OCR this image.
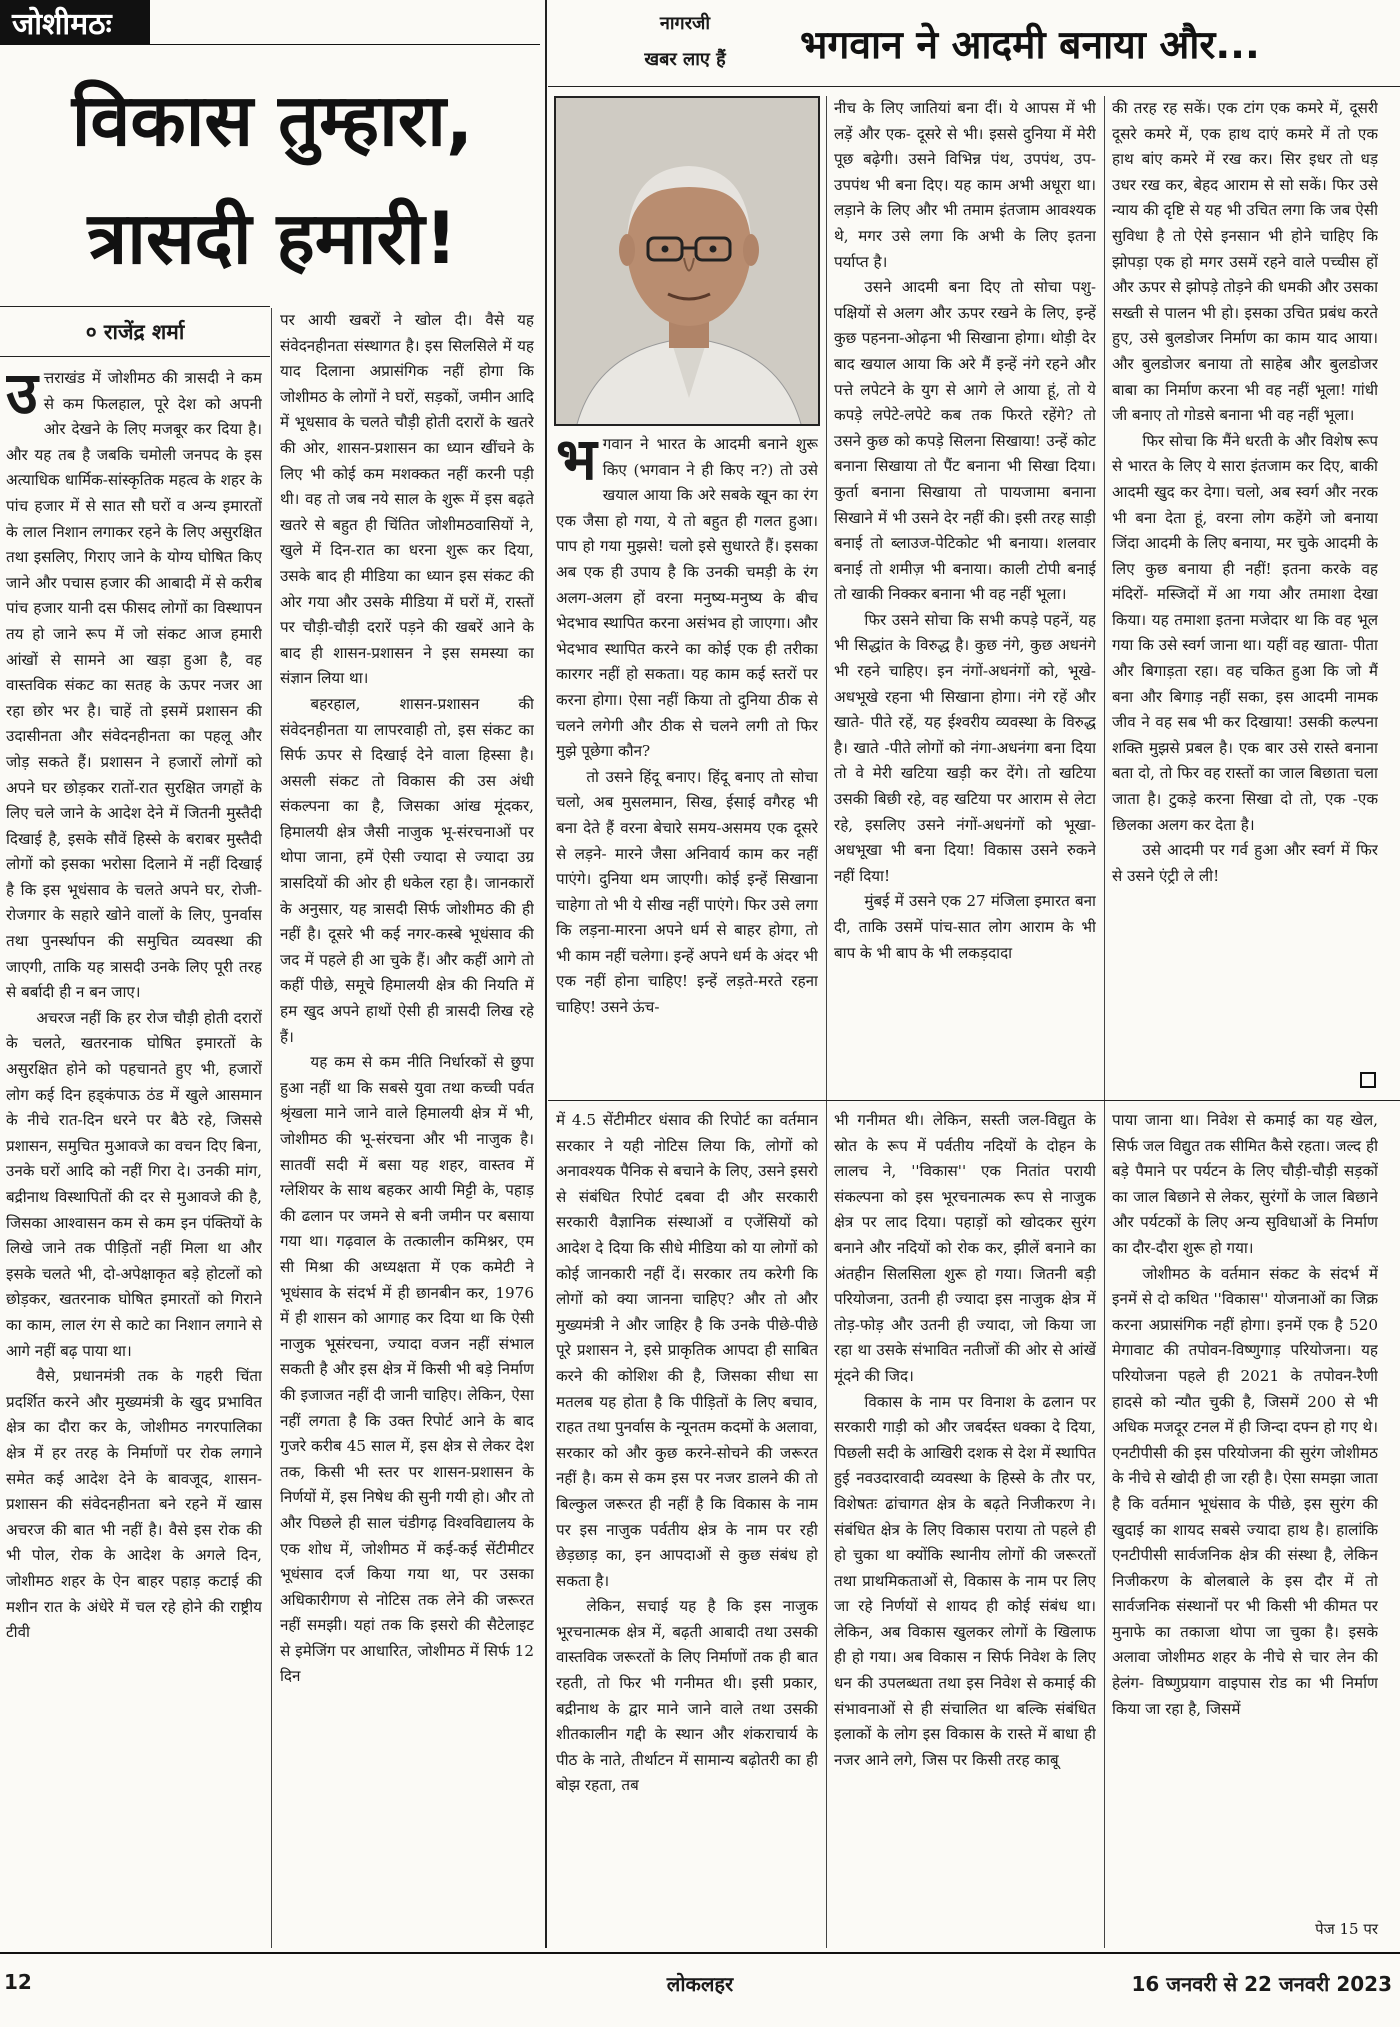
जोशीमठः
विकास तुम्हारा,
त्रासदी हमारी!
० राजेंद्र शर्मा
उ त्तराखंड में जोशीमठ की त्रासदी ने कम से कम फिलहाल, पूरे देश को अपनी ओर देखने के लिए मजबूर कर दिया है। और यह तब है जबकि चमोली जनपद के इस अत्याधिक धार्मिक-सांस्कृतिक महत्व के शहर के पांच हजार में से सात सौ घरों व अन्य इमारतों के लाल निशान लगाकर रहने के लिए असुरक्षित तथा इसलिए, गिराए जाने के योग्य घोषित किए जाने और पचास हजार की आबादी में से करीब पांच हजार यानी दस फीसद लोगों का विस्थापन तय हो जाने रूप में जो संकट आज हमारी आंखों से सामने आ खड़ा हुआ है, वह वास्तविक संकट का सतह के ऊपर नजर आ रहा छोर भर है। चाहें तो इसमें प्रशासन की उदासीनता और संवेदनहीनता का पहलू और जोड़ सकते हैं। प्रशासन ने हजारों लोगों को अपने घर छोड़कर रातों-रात सुरक्षित जगहों के लिए चले जाने के आदेश देने में जितनी मुस्तैदी दिखाई है, इसके सौवें हिस्से के बराबर मुस्तैदी लोगों को इसका भरोसा दिलाने में नहीं दिखाई है कि इस भूधंसाव के चलते अपने घर, रोजी-रोजगार के सहारे खोने वालों के लिए, पुनर्वास तथा पुनर्स्थापन की समुचित व्यवस्था की जाएगी, ताकि यह त्रासदी उनके लिए पूरी तरह से बर्बादी ही न बन जाए।

अचरज नहीं कि हर रोज चौड़ी होती दरारों के चलते, खतरनाक घोषित इमारतों के असुरक्षित होने को पहचानते हुए भी, हजारों लोग कई दिन हड्कंपाऊ ठंड में खुले आसमान के नीचे रात-दिन धरने पर बैठे रहे, जिससे प्रशासन, समुचित मुआवजे का वचन दिए बिना, उनके घरों आदि को नहीं गिरा दे। उनकी मांग, बद्रीनाथ विस्थापितों की दर से मुआवजे की है, जिसका आश्वासन कम से कम इन पंक्तियों के लिखे जाने तक पीड़ितों नहीं मिला था और इसके चलते भी, दो-अपेक्षाकृत बड़े होटलों को छोड़कर, खतरनाक घोषित इमारतों को गिराने का काम, लाल रंग से काटे का निशान लगाने से आगे नहीं बढ़ पाया था।

वैसे, प्रधानमंत्री तक के गहरी चिंता प्रदर्शित करने और मुख्यमंत्री के खुद प्रभावित क्षेत्र का दौरा कर के, जोशीमठ नगरपालिका क्षेत्र में हर तरह के निर्माणों पर रोक लगाने समेत कई आदेश देने के बावजूद, शासन-प्रशासन की संवेदनहीनता बने रहने में खास अचरज की बात भी नहीं है। वैसे इस रोक की भी पोल, रोक के आदेश के अगले दिन, जोशीमठ शहर के ऐन बाहर पहाड़ कटाई की मशीन रात के अंधेरे में चल रहे होने की राष्ट्रीय टीवी

पर आयी खबरों ने खोल दी। वैसे यह संवेदनहीनता संस्थागत है। इस सिलसिले में यह याद दिलाना अप्रासंगिक नहीं होगा कि जोशीमठ के लोगों ने घरों, सड़कों, जमीन आदि में भूधसाव के चलते चौड़ी होती दरारों के खतरे की ओर, शासन-प्रशासन का ध्यान खींचने के लिए भी कोई कम मशक्कत नहीं करनी पड़ी थी। वह तो जब नये साल के शुरू में इस बढ़ते खतरे से बहुत ही चिंतित जोशीमठवासियों ने, खुले में दिन-रात का धरना शुरू कर दिया, उसके बाद ही मीडिया का ध्यान इस संकट की ओर गया और उसके मीडिया में घरों में, रास्तों पर चौड़ी-चौड़ी दरारें पड़ने की खबरें आने के बाद ही शासन-प्रशासन ने इस समस्या का संज्ञान लिया था।

बहरहाल, शासन-प्रशासन की संवेदनहीनता या लापरवाही तो, इस संकट का सिर्फ ऊपर से दिखाई देने वाला हिस्सा है। असली संकट तो विकास की उस अंधी संकल्पना का है, जिसका आंख मूंदकर, हिमालयी क्षेत्र जैसी नाजुक भू-संरचनाओं पर थोपा जाना, हमें ऐसी ज्यादा से ज्यादा उग्र त्रासदियों की ओर ही धकेल रहा है। जानकारों के अनुसार, यह त्रासदी सिर्फ जोशीमठ की ही नहीं है। दूसरे भी कई नगर-कस्बे भूधंसाव की जद में पहले ही आ चुके हैं। और कहीं आगे तो कहीं पीछे, समूचे हिमालयी क्षेत्र की नियति में हम खुद अपने हाथों ऐसी ही त्रासदी लिख रहे हैं।

यह कम से कम नीति निर्धारकों से छुपा हुआ नहीं था कि सबसे युवा तथा कच्ची पर्वत श्रृंखला माने जाने वाले हिमालयी क्षेत्र में भी, जोशीमठ की भू-संरचना और भी नाजुक है। सातवीं सदी में बसा यह शहर, वास्तव में ग्लेशियर के साथ बहकर आयी मिट्टी के, पहाड़ की ढलान पर जमने से बनी जमीन पर बसाया गया था। गढ़वाल के तत्कालीन कमिश्नर, एम सी मिश्रा की अध्यक्षता में एक कमेटी ने भूधंसाव के संदर्भ में ही छानबीन कर, 1976 में ही शासन को आगाह कर दिया था कि ऐसी नाजुक भूसंरचना, ज्यादा वजन नहीं संभाल सकती है और इस क्षेत्र में किसी भी बड़े निर्माण की इजाजत नहीं दी जानी चाहिए। लेकिन, ऐसा नहीं लगता है कि उक्त रिपोर्ट आने के बाद गुजरे करीब 45 साल में, इस क्षेत्र से लेकर देश तक, किसी भी स्तर पर शासन-प्रशासन के निर्णयों में, इस निषेध की सुनी गयी हो। और तो और पिछले ही साल चंडीगढ़ विश्वविद्यालय के एक शोध में, जोशीमठ में कई-कई सेंटीमीटर भूधंसाव दर्ज किया गया था, पर उसका अधिकारीगण से नोटिस तक लेने की जरूरत नहीं समझी। यहां तक कि इसरो की सैटेलाइट से इमेजिंग पर आधारित, जोशीमठ में सिर्फ 12 दिन

नागरजी
खबर लाए हैं	भगवान ने आदमी बनाया और...
भ गवान ने भारत के आदमी बनाने शुरू किए (भगवान ने ही किए न?) तो उसे खयाल आया कि अरे सबके खून का रंग एक जैसा हो गया, ये तो बहुत ही गलत हुआ। पाप हो गया मुझसे! चलो इसे सुधारते हैं। इसका अब एक ही उपाय है कि उनकी चमड़ी के रंग अलग-अलग हों वरना मनुष्य-मनुष्य के बीच भेदभाव स्थापित करना असंभव हो जाएगा। और भेदभाव स्थापित करने का कोई एक ही तरीका कारगर नहीं हो सकता। यह काम कई स्तरों पर करना होगा। ऐसा नहीं किया तो दुनिया ठीक से चलने लगेगी और ठीक से चलने लगी तो फिर मुझे पूछेगा कौन?

तो उसने हिंदू बनाए। हिंदू बनाए तो सोचा चलो, अब मुसलमान, सिख, ईसाई वगैरह भी बना देते हैं वरना बेचारे समय-असमय एक दूसरे से लड़ने- मारने जैसा अनिवार्य काम कर नहीं पाएंगे। दुनिया थम जाएगी। कोई इन्हें सिखाना चाहेगा तो भी ये सीख नहीं पाएंगे। फिर उसे लगा कि लड़ना-मारना अपने धर्म से बाहर होगा, तो भी काम नहीं चलेगा। इन्हें अपने धर्म के अंदर भी एक नहीं होना चाहिए! इन्हें लड़ते-मरते रहना चाहिए! उसने ऊंच-

नीच के लिए जातियां बना दीं। ये आपस में भी लड़ें और एक- दूसरे से भी। इससे दुनिया में मेरी पूछ बढ़ेगी। उसने विभिन्न पंथ, उपपंथ, उप-उपपंथ भी बना दिए। यह काम अभी अधूरा था। लड़ाने के लिए और भी तमाम इंतजाम आवश्यक थे, मगर उसे लगा कि अभी के लिए इतना पर्याप्त है।

उसने आदमी बना दिए तो सोचा पशु-पक्षियों से अलग और ऊपर रखने के लिए, इन्हें कुछ पहनना-ओढ़ना भी सिखाना होगा। थोड़ी देर बाद खयाल आया कि अरे मैं इन्हें नंगे रहने और पत्ते लपेटने के युग से आगे ले आया हूं, तो ये कपड़े लपेटे-लपेटे कब तक फिरते रहेंगे? तो उसने कुछ को कपड़े सिलना सिखाया! उन्हें कोट बनाना सिखाया तो पैंट बनाना भी सिखा दिया। कुर्ता बनाना सिखाया तो पायजामा बनाना सिखाने में भी उसने देर नहीं की। इसी तरह साड़ी बनाई तो ब्लाउज-पेटिकोट भी बनाया। शलवार बनाई तो शमीज़ भी बनाया। काली टोपी बनाई तो खाकी निक्कर बनाना भी वह नहीं भूला।

फिर उसने सोचा कि सभी कपड़े पहनें, यह भी सिद्धांत के विरुद्ध है। कुछ नंगे, कुछ अधनंगे भी रहने चाहिए। इन नंगों-अधनंगों को, भूखे-अधभूखे रहना भी सिखाना होगा। नंगे रहें और खाते- पीते रहें, यह ईश्वरीय व्यवस्था के विरुद्ध है। खाते -पीते लोगों को नंगा-अधनंगा बना दिया तो वे मेरी खटिया खड़ी कर देंगे। तो खटिया उसकी बिछी रहे, वह खटिया पर आराम से लेटा रहे, इसलिए उसने नंगों-अधनंगों को भूखा-अधभूखा भी बना दिया! विकास उसने रुकने नहीं दिया!

मुंबई में उसने एक 27 मंजिला इमारत बना दी, ताकि उसमें पांच-सात लोग आराम के भी बाप के भी बाप के भी लकड़दादा

की तरह रह सकें। एक टांग एक कमरे में, दूसरी दूसरे कमरे में, एक हाथ दाएं कमरे में तो एक हाथ बांए कमरे में रख कर। सिर इधर तो धड़ उधर रख कर, बेहद आराम से सो सकें। फिर उसे न्याय की दृष्टि से यह भी उचित लगा कि जब ऐसी सुविधा है तो ऐसे इनसान भी होने चाहिए कि झोपड़ा एक हो मगर उसमें रहने वाले पच्चीस हों और ऊपर से झोपड़े तोड़ने की धमकी और उसका सख्ती से पालन भी हो। इसका उचित प्रबंध करते हुए, उसे बुलडोजर निर्माण का काम याद आया। और बुलडोजर बनाया तो साहेब और बुलडोजर बाबा का निर्माण करना भी वह नहीं भूला! गांधी जी बनाए तो गोडसे बनाना भी वह नहीं भूला।

फिर सोचा कि मैंने धरती के और विशेष रूप से भारत के लिए ये सारा इंतजाम कर दिए, बाकी आदमी खुद कर देगा। चलो, अब स्वर्ग और नरक भी बना देता हूं, वरना लोग कहेंगे जो बनाया जिंदा आदमी के लिए बनाया, मर चुके आदमी के लिए कुछ बनाया ही नहीं! इतना करके वह मंदिरों- मस्जिदों में आ गया और तमाशा देखा किया। यह तमाशा इतना मजेदार था कि वह भूल गया कि उसे स्वर्ग जाना था। यहीं वह खाता- पीता और बिगाड़ता रहा। वह चकित हुआ कि जो मैं बना और बिगाड़ नहीं सका, इस आदमी नामक जीव ने वह सब भी कर दिखाया! उसकी कल्पना शक्ति मुझसे प्रबल है। एक बार उसे रास्ते बनाना बता दो, तो फिर वह रास्तों का जाल बिछाता चला जाता है। टुकड़े करना सिखा दो तो, एक -एक छिलका अलग कर देता है।

उसे आदमी पर गर्व हुआ और स्वर्ग में फिर से उसने एंट्री ले ली!

में 4.5 सेंटीमीटर धंसाव की रिपोर्ट का वर्तमान सरकार ने यही नोटिस लिया कि, लोगों को अनावश्यक पैनिक से बचाने के लिए, उसने इसरो से संबंधित रिपोर्ट दबवा दी और सरकारी सरकारी वैज्ञानिक संस्थाओं व एजेंसियों को आदेश दे दिया कि सीधे मीडिया को या लोगों को कोई जानकारी नहीं दें। सरकार तय करेगी कि लोगों को क्या जानना चाहिए? और तो और मुख्यमंत्री ने और जाहिर है कि उनके पीछे-पीछे पूरे प्रशासन ने, इसे प्राकृतिक आपदा ही साबित करने की कोशिश की है, जिसका सीधा सा मतलब यह होता है कि पीड़ितों के लिए बचाव, राहत तथा पुनर्वास के न्यूनतम कदमों के अलावा, सरकार को और कुछ करने-सोचने की जरूरत नहीं है। कम से कम इस पर नजर डालने की तो बिल्कुल जरूरत ही नहीं है कि विकास के नाम पर इस नाजुक पर्वतीय क्षेत्र के नाम पर रही छेड़छाड़ का, इन आपदाओं से कुछ संबंध हो सकता है।

लेकिन, सचाई यह है कि इस नाजुक भूरचनात्मक क्षेत्र में, बढ़ती आबादी तथा उसकी वास्तविक जरूरतों के लिए निर्माणों तक ही बात रहती, तो फिर भी गनीमत थी। इसी प्रकार, बद्रीनाथ के द्वार माने जाने वाले तथा उसकी शीतकालीन गद्दी के स्थान और शंकराचार्य के पीठ के नाते, तीर्थाटन में सामान्य बढ़ोतरी का ही बोझ रहता, तब

भी गनीमत थी। लेकिन, सस्ती जल-विद्युत के स्रोत के रूप में पर्वतीय नदियों के दोहन के लालच ने, ''विकास'' एक नितांत परायी संकल्पना को इस भूरचनात्मक रूप से नाजुक क्षेत्र पर लाद दिया। पहाड़ों को खोदकर सुरंग बनाने और नदियों को रोक कर, झीलें बनाने का अंतहीन सिलसिला शुरू हो गया। जितनी बड़ी परियोजना, उतनी ही ज्यादा इस नाजुक क्षेत्र में तोड़-फोड़ और उतनी ही ज्यादा, जो किया जा रहा था उसके संभावित नतीजों की ओर से आंखें मूंदने की जिद।

विकास के नाम पर विनाश के ढलान पर सरकारी गाड़ी को और जबर्दस्त धक्का दे दिया, पिछली सदी के आखिरी दशक से देश में स्थापित हुई नवउदारवादी व्यवस्था के हिस्से के तौर पर, विशेषतः ढांचागत क्षेत्र के बढ़ते निजीकरण ने। संबंधित क्षेत्र के लिए विकास पराया तो पहले ही हो चुका था क्योंकि स्थानीय लोगों की जरूरतों तथा प्राथमिकताओं से, विकास के नाम पर लिए जा रहे निर्णयों से शायद ही कोई संबंध था। लेकिन, अब विकास खुलकर लोगों के खिलाफ ही हो गया। अब विकास न सिर्फ निवेश के लिए धन की उपलब्धता तथा इस निवेश से कमाई की संभावनाओं से ही संचालित था बल्कि संबंधित इलाकों के लोग इस विकास के रास्ते में बाधा ही नजर आने लगे, जिस पर किसी तरह काबू

पाया जाना था। निवेश से कमाई का यह खेल, सिर्फ जल विद्युत तक सीमित कैसे रहता। जल्द ही बड़े पैमाने पर पर्यटन के लिए चौड़ी-चौड़ी सड़कों का जाल बिछाने से लेकर, सुरंगों के जाल बिछाने और पर्यटकों के लिए अन्य सुविधाओं के निर्माण का दौर-दौरा शुरू हो गया।

जोशीमठ के वर्तमान संकट के संदर्भ में इनमें से दो कथित ''विकास'' योजनाओं का जिक्र करना अप्रासंगिक नहीं होगा। इनमें एक है 520 मेगावाट की तपोवन-विष्णुगाड़ परियोजना। यह परियोजना पहले ही 2021 के तपोवन-रैणी हादसे को न्यौत चुकी है, जिसमें 200 से भी अधिक मजदूर टनल में ही जिन्दा दफ्न हो गए थे। एनटीपीसी की इस परियोजना की सुरंग जोशीमठ के नीचे से खोदी ही जा रही है। ऐसा समझा जाता है कि वर्तमान भूधंसाव के पीछे, इस सुरंग की खुदाई का शायद सबसे ज्यादा हाथ है। हालांकि एनटीपीसी सार्वजनिक क्षेत्र की संस्था है, लेकिन निजीकरण के बोलबाले के इस दौर में तो सार्वजनिक संस्थानों पर भी किसी भी कीमत पर मुनाफे का तकाजा थोपा जा चुका है। इसके अलावा जोशीमठ शहर के नीचे से चार लेन की हेलंग- विष्णुप्रयाग वाइपास रोड का भी निर्माण किया जा रहा है, जिसमें

पेज 15 पर
12	लोकलहर	16 जनवरी से 22 जनवरी 2023
